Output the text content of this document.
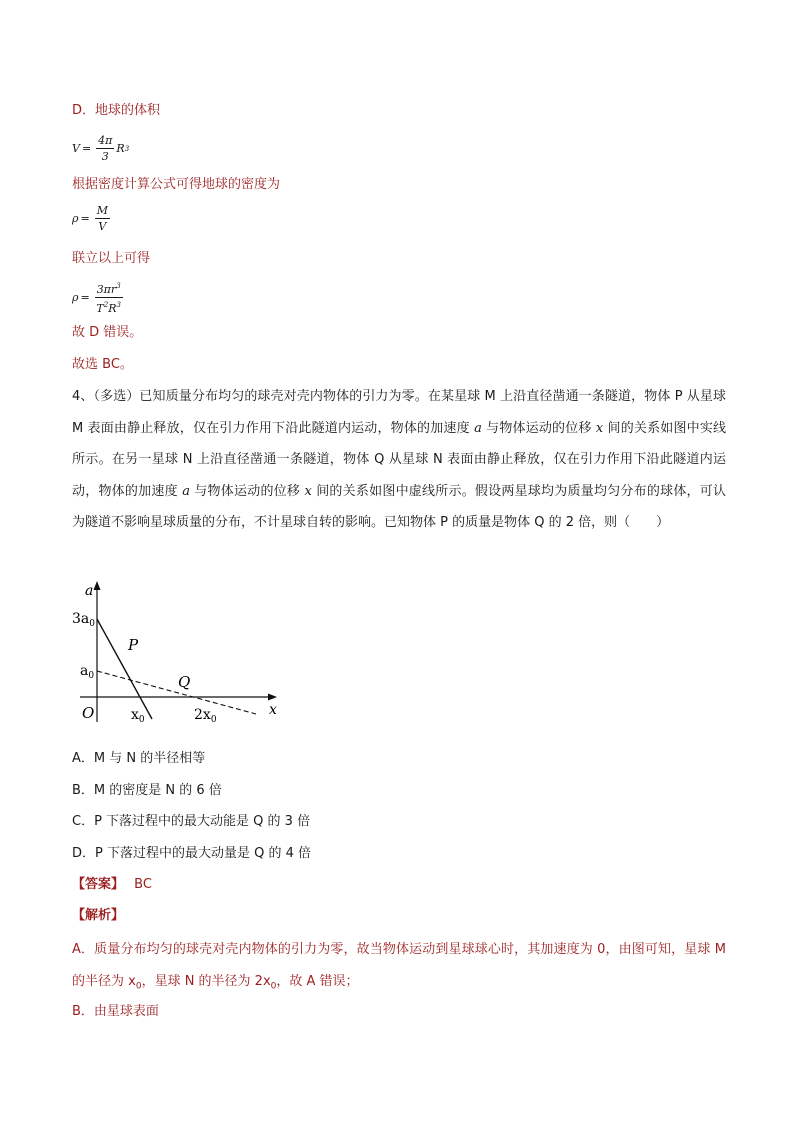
D．地球的体积
$V = \frac{4\pi}{3}$ R 3
根据密度计算公式可得地球的密度为
$\rho = \frac{M}{V}$
联立以上可得
$\rho = \frac{3\pi r^3}{T^2R^3}$
故 D 错误。
故选 BC。
4、（多选）已知质量分布均匀的球壳对壳内物体的引力为零。在某星球 M 上沿直径凿通一条隧道，物体 P 从星球 M 表面由静止释放，仅在引力作用下沿此隧道内运动，物体的加速度 a 与物体运动的位移 x 间的关系如图中实线所示。在另一星球 N 上沿直径凿通一条隧道，物体 Q 从星球 N 表面由静止释放，仅在引力作用下沿此隧道内运动，物体的加速度 a 与物体运动的位移 x 间的关系如图中虚线所示。假设两星球均为质量均匀分布的球体，可认为隧道不影响星球质量的分布，不计星球自转的影响。已知物体 P 的质量是物体 Q 的 2 倍，则（　　）
a
x
O
$3a_0$
$a_0$
$x_0$	$2x_0$
P
Q
A．M 与 N 的半径相等
B．M 的密度是 N 的 6 倍
C．P 下落过程中的最大动能是 Q 的 3 倍
D．P 下落过程中的最大动量是 Q 的 4 倍
【答案】 BC
【解析】
A．质量分布均匀的球壳对壳内物体的引力为零，故当物体运动到星球球心时，其加速度为 0，由图可知，星球 M 的半径为 $x_0$，星球 N 的半径为 $2x_0$，故 A 错误；
B．由星球表面
